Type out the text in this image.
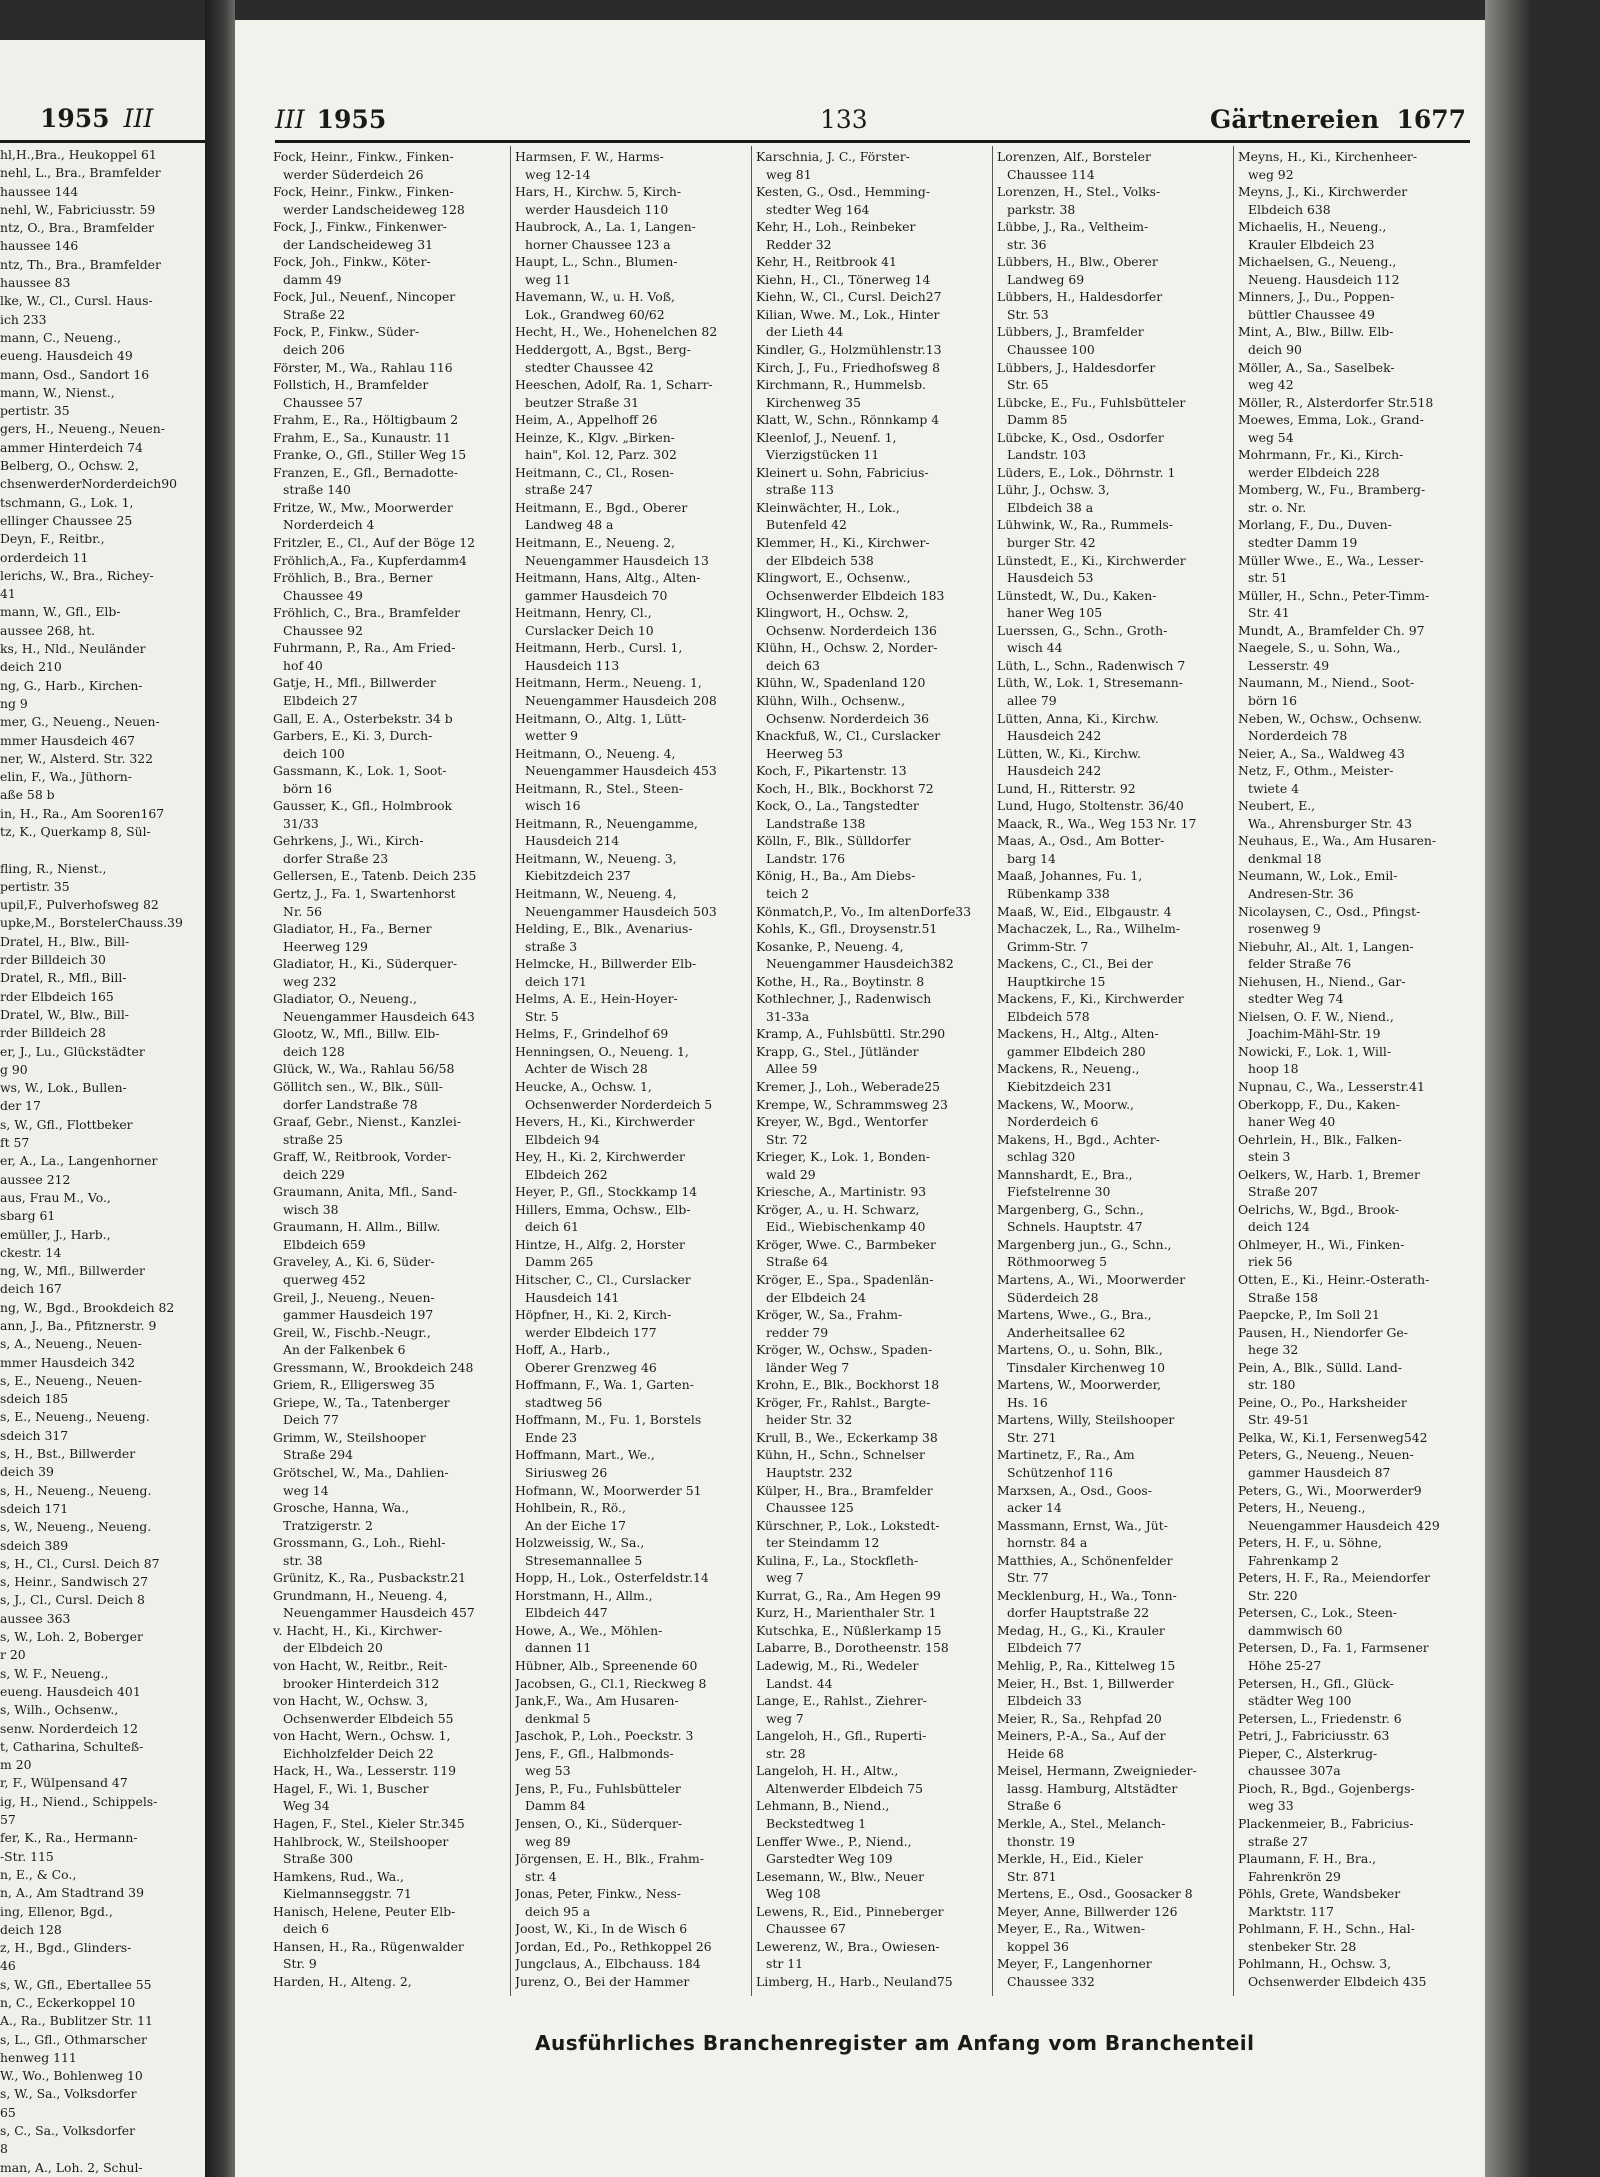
1955 III
hl,H.,Bra., Heukoppel 61
nehl, L., Bra., Bramfelder
haussee 144
nehl, W., Fabriciusstr. 59
ntz, O., Bra., Bramfelder
haussee 146
ntz, Th., Bra., Bramfelder
haussee 83
lke, W., Cl., Cursl. Haus-
ich 233
mann, C., Neueng.,
eueng. Hausdeich 49
mann, Osd., Sandort 16
mann, W., Nienst.,
pertistr. 35
gers, H., Neueng., Neuen-
ammer Hinterdeich 74
Belberg, O., Ochsw. 2,
chsenwerderNorderdeich90
tschmann, G., Lok. 1,
ellinger Chaussee 25
Deyn, F., Reitbr.,
orderdeich 11
lerichs, W., Bra., Richey-
41
mann, W., Gfl., Elb-
aussee 268, ht.
ks, H., Nld., Neuländer
deich 210
ng, G., Harb., Kirchen-
ng 9
mer, G., Neueng., Neuen-
mmer Hausdeich 467
ner, W., Alsterd. Str. 322
elin, F., Wa., Jüthorn-
aße 58 b
in, H., Ra., Am Sooren167
tz, K., Querkamp 8, Sül-

fling, R., Nienst.,
pertistr. 35
upil,F., Pulverhofsweg 82
upke,M., BorstelerChauss.39
Dratel, H., Blw., Bill-
rder Billdeich 30
Dratel, R., Mfl., Bill-
rder Elbdeich 165
Dratel, W., Blw., Bill-
rder Billdeich 28
er, J., Lu., Glückstädter
g 90
ws, W., Lok., Bullen-
der 17
s, W., Gfl., Flottbeker
ft 57
er, A., La., Langenhorner
aussee 212
aus, Frau M., Vo.,
sbarg 61
emüller, J., Harb.,
ckestr. 14
ng, W., Mfl., Billwerder
deich 167
ng, W., Bgd., Brookdeich 82
ann, J., Ba., Pfitznerstr. 9
s, A., Neueng., Neuen-
mmer Hausdeich 342
s, E., Neueng., Neuen-
sdeich 185
s, E., Neueng., Neueng.
sdeich 317
s, H., Bst., Billwerder
deich 39
s, H., Neueng., Neueng.
sdeich 171
s, W., Neueng., Neueng.
sdeich 389
s, H., Cl., Cursl. Deich 87
s, Heinr., Sandwisch 27
s, J., Cl., Cursl. Deich 8
aussee 363
s, W., Loh. 2, Boberger
r 20
s, W. F., Neueng.,
eueng. Hausdeich 401
s, Wilh., Ochsenw.,
senw. Norderdeich 12
t, Catharina, Schulteß-
m 20
r, F., Wülpensand 47
ig, H., Niend., Schippels-
57
fer, K., Ra., Hermann-
-Str. 115
n, E., & Co.,
n, A., Am Stadtrand 39
ing, Ellenor, Bgd.,
deich 128
z, H., Bgd., Glinders-
46
s, W., Gfl., Ebertallee 55
n, C., Eckerkoppel 10
A., Ra., Bublitzer Str. 11
s, L., Gfl., Othmarscher
henweg 111
W., Wo., Bohlenweg 10
s, W., Sa., Volksdorfer
65
s, C., Sa., Volksdorfer
8
man, A., Loh. 2, Schul-
III 1955	133	Gärtnereien 1677
Fock, Heinr., Finkw., Finken-
werder Süderdeich 26
Fock, Heinr., Finkw., Finken-
werder Landscheideweg 128
Fock, J., Finkw., Finkenwer-
der Landscheideweg 31
Fock, Joh., Finkw., Köter-
damm 49
Fock, Jul., Neuenf., Nincoper
Straße 22
Fock, P., Finkw., Süder-
deich 206
Förster, M., Wa., Rahlau 116
Follstich, H., Bramfelder
Chaussee 57
Frahm, E., Ra., Höltigbaum 2
Frahm, E., Sa., Kunaustr. 11
Franke, O., Gfl., Stiller Weg 15
Franzen, E., Gfl., Bernadotte-
straße 140
Fritze, W., Mw., Moorwerder
Norderdeich 4
Fritzler, E., Cl., Auf der Böge 12
Fröhlich,A., Fa., Kupferdamm4
Fröhlich, B., Bra., Berner
Chaussee 49
Fröhlich, C., Bra., Bramfelder
Chaussee 92
Fuhrmann, P., Ra., Am Fried-
hof 40
Gatje, H., Mfl., Billwerder
Elbdeich 27
Gall, E. A., Osterbekstr. 34 b
Garbers, E., Ki. 3, Durch-
deich 100
Gassmann, K., Lok. 1, Soot-
börn 16
Gausser, K., Gfl., Holmbrook
31/33
Gehrkens, J., Wi., Kirch-
dorfer Straße 23
Gellersen, E., Tatenb. Deich 235
Gertz, J., Fa. 1, Swartenhorst
Nr. 56
Gladiator, H., Fa., Berner
Heerweg 129
Gladiator, H., Ki., Süderquer-
weg 232
Gladiator, O., Neueng.,
Neuengammer Hausdeich 643
Glootz, W., Mfl., Billw. Elb-
deich 128
Glück, W., Wa., Rahlau 56/58
Göllitch sen., W., Blk., Süll-
dorfer Landstraße 78
Graaf, Gebr., Nienst., Kanzlei-
straße 25
Graff, W., Reitbrook, Vorder-
deich 229
Graumann, Anita, Mfl., Sand-
wisch 38
Graumann, H. Allm., Billw.
Elbdeich 659
Graveley, A., Ki. 6, Süder-
querweg 452
Greil, J., Neueng., Neuen-
gammer Hausdeich 197
Greil, W., Fischb.-Neugr.,
An der Falkenbek 6
Gressmann, W., Brookdeich 248
Griem, R., Elligersweg 35
Griepe, W., Ta., Tatenberger
Deich 77
Grimm, W., Steilshooper
Straße 294
Grötschel, W., Ma., Dahlien-
weg 14
Grosche, Hanna, Wa.,
Tratzigerstr. 2
Grossmann, G., Loh., Riehl-
str. 38
Grünitz, K., Ra., Pusbackstr.21
Grundmann, H., Neueng. 4,
Neuengammer Hausdeich 457
v. Hacht, H., Ki., Kirchwer-
der Elbdeich 20
von Hacht, W., Reitbr., Reit-
brooker Hinterdeich 312
von Hacht, W., Ochsw. 3,
Ochsenwerder Elbdeich 55
von Hacht, Wern., Ochsw. 1,
Eichholzfelder Deich 22
Hack, H., Wa., Lesserstr. 119
Hagel, F., Wi. 1, Buscher
Weg 34
Hagen, F., Stel., Kieler Str.345
Hahlbrock, W., Steilshooper
Straße 300
Hamkens, Rud., Wa.,
Kielmannseggstr. 71
Hanisch, Helene, Peuter Elb-
deich 6
Hansen, H., Ra., Rügenwalder
Str. 9
Harden, H., Alteng. 2,
Harmsen, F. W., Harms-
weg 12-14
Hars, H., Kirchw. 5, Kirch-
werder Hausdeich 110
Haubrock, A., La. 1, Langen-
horner Chaussee 123 a
Haupt, L., Schn., Blumen-
weg 11
Havemann, W., u. H. Voß,
Lok., Grandweg 60/62
Hecht, H., We., Hohenelchen 82
Heddergott, A., Bgst., Berg-
stedter Chaussee 42
Heeschen, Adolf, Ra. 1, Scharr-
beutzer Straße 31
Heim, A., Appelhoff 26
Heinze, K., Klgv. „Birken-
hain", Kol. 12, Parz. 302
Heitmann, C., Cl., Rosen-
straße 247
Heitmann, E., Bgd., Oberer
Landweg 48 a
Heitmann, E., Neueng. 2,
Neuengammer Hausdeich 13
Heitmann, Hans, Altg., Alten-
gammer Hausdeich 70
Heitmann, Henry, Cl.,
Curslacker Deich 10
Heitmann, Herb., Cursl. 1,
Hausdeich 113
Heitmann, Herm., Neueng. 1,
Neuengammer Hausdeich 208
Heitmann, O., Altg. 1, Lütt-
wetter 9
Heitmann, O., Neueng. 4,
Neuengammer Hausdeich 453
Heitmann, R., Stel., Steen-
wisch 16
Heitmann, R., Neuengamme,
Hausdeich 214
Heitmann, W., Neueng. 3,
Kiebitzdeich 237
Heitmann, W., Neueng. 4,
Neuengammer Hausdeich 503
Helding, E., Blk., Avenarius-
straße 3
Helmcke, H., Billwerder Elb-
deich 171
Helms, A. E., Hein-Hoyer-
Str. 5
Helms, F., Grindelhof 69
Henningsen, O., Neueng. 1,
Achter de Wisch 28
Heucke, A., Ochsw. 1,
Ochsenwerder Norderdeich 5
Hevers, H., Ki., Kirchwerder
Elbdeich 94
Hey, H., Ki. 2, Kirchwerder
Elbdeich 262
Heyer, P., Gfl., Stockkamp 14
Hillers, Emma, Ochsw., Elb-
deich 61
Hintze, H., Alfg. 2, Horster
Damm 265
Hitscher, C., Cl., Curslacker
Hausdeich 141
Höpfner, H., Ki. 2, Kirch-
werder Elbdeich 177
Hoff, A., Harb.,
Oberer Grenzweg 46
Hoffmann, F., Wa. 1, Garten-
stadtweg 56
Hoffmann, M., Fu. 1, Borstels
Ende 23
Hoffmann, Mart., We.,
Siriusweg 26
Hofmann, W., Moorwerder 51
Hohlbein, R., Rö.,
An der Eiche 17
Holzweissig, W., Sa.,
Stresemannallee 5
Hopp, H., Lok., Osterfeldstr.14
Horstmann, H., Allm.,
Elbdeich 447
Howe, A., We., Möhlen-
dannen 11
Hübner, Alb., Spreenende 60
Jacobsen, G., Cl.1, Rieckweg 8
Jank,F., Wa., Am Husaren-
denkmal 5
Jaschok, P., Loh., Poeckstr. 3
Jens, F., Gfl., Halbmonds-
weg 53
Jens, P., Fu., Fuhlsbütteler
Damm 84
Jensen, O., Ki., Süderquer-
weg 89
Jörgensen, E. H., Blk., Frahm-
str. 4
Jonas, Peter, Finkw., Ness-
deich 95 a
Joost, W., Ki., In de Wisch 6
Jordan, Ed., Po., Rethkoppel 26
Jungclaus, A., Elbchauss. 184
Jurenz, O., Bei der Hammer
Karschnia, J. C., Förster-
weg 81
Kesten, G., Osd., Hemming-
stedter Weg 164
Kehr, H., Loh., Reinbeker
Redder 32
Kehr, H., Reitbrook 41
Kiehn, H., Cl., Tönerweg 14
Kiehn, W., Cl., Cursl. Deich27
Kilian, Wwe. M., Lok., Hinter
der Lieth 44
Kindler, G., Holzmühlenstr.13
Kirch, J., Fu., Friedhofsweg 8
Kirchmann, R., Hummelsb.
Kirchenweg 35
Klatt, W., Schn., Rönnkamp 4
Kleenlof, J., Neuenf. 1,
Vierzigstücken 11
Kleinert u. Sohn, Fabricius-
straße 113
Kleinwächter, H., Lok.,
Butenfeld 42
Klemmer, H., Ki., Kirchwer-
der Elbdeich 538
Klingwort, E., Ochsenw.,
Ochsenwerder Elbdeich 183
Klingwort, H., Ochsw. 2,
Ochsenw. Norderdeich 136
Klühn, H., Ochsw. 2, Norder-
deich 63
Klühn, W., Spadenland 120
Klühn, Wilh., Ochsenw.,
Ochsenw. Norderdeich 36
Knackfuß, W., Cl., Curslacker
Heerweg 53
Koch, F., Pikartenstr. 13
Koch, H., Blk., Bockhorst 72
Kock, O., La., Tangstedter
Landstraße 138
Kölln, F., Blk., Sülldorfer
Landstr. 176
König, H., Ba., Am Diebs-
teich 2
Könmatch,P., Vo., Im altenDorfe33
Kohls, K., Gfl., Droysenstr.51
Kosanke, P., Neueng. 4,
Neuengammer Hausdeich382
Kothe, H., Ra., Boytinstr. 8
Kothlechner, J., Radenwisch
31-33a
Kramp, A., Fuhlsbüttl. Str.290
Krapp, G., Stel., Jütländer
Allee 59
Kremer, J., Loh., Weberade25
Krempe, W., Schrammsweg 23
Kreyer, W., Bgd., Wentorfer
Str. 72
Krieger, K., Lok. 1, Bonden-
wald 29
Kriesche, A., Martinistr. 93
Kröger, A., u. H. Schwarz,
Eid., Wiebischenkamp 40
Kröger, Wwe. C., Barmbeker
Straße 64
Kröger, E., Spa., Spadenlän-
der Elbdeich 24
Kröger, W., Sa., Frahm-
redder 79
Kröger, W., Ochsw., Spaden-
länder Weg 7
Krohn, E., Blk., Bockhorst 18
Kröger, Fr., Rahlst., Bargte-
heider Str. 32
Krull, B., We., Eckerkamp 38
Kühn, H., Schn., Schnelser
Hauptstr. 232
Külper, H., Bra., Bramfelder
Chaussee 125
Kürschner, P., Lok., Lokstedt-
ter Steindamm 12
Kulina, F., La., Stockfleth-
weg 7
Kurrat, G., Ra., Am Hegen 99
Kurz, H., Marienthaler Str. 1
Kutschka, E., Nüßlerkamp 15
Labarre, B., Dorotheenstr. 158
Ladewig, M., Ri., Wedeler
Landst. 44
Lange, E., Rahlst., Ziehrer-
weg 7
Langeloh, H., Gfl., Ruperti-
str. 28
Langeloh, H. H., Altw.,
Altenwerder Elbdeich 75
Lehmann, B., Niend.,
Beckstedtweg 1
Lenffer Wwe., P., Niend.,
Garstedter Weg 109
Lesemann, W., Blw., Neuer
Weg 108
Lewens, R., Eid., Pinneberger
Chaussee 67
Lewerenz, W., Bra., Owiesen-
str 11
Limberg, H., Harb., Neuland75
Lorenzen, Alf., Borsteler
Chaussee 114
Lorenzen, H., Stel., Volks-
parkstr. 38
Lübbe, J., Ra., Veltheim-
str. 36
Lübbers, H., Blw., Oberer
Landweg 69
Lübbers, H., Haldesdorfer
Str. 53
Lübbers, J., Bramfelder
Chaussee 100
Lübbers, J., Haldesdorfer
Str. 65
Lübcke, E., Fu., Fuhlsbütteler
Damm 85
Lübcke, K., Osd., Osdorfer
Landstr. 103
Lüders, E., Lok., Döhrnstr. 1
Lühr, J., Ochsw. 3,
Elbdeich 38 a
Lühwink, W., Ra., Rummels-
burger Str. 42
Lünstedt, E., Ki., Kirchwerder
Hausdeich 53
Lünstedt, W., Du., Kaken-
haner Weg 105
Luerssen, G., Schn., Groth-
wisch 44
Lüth, L., Schn., Radenwisch 7
Lüth, W., Lok. 1, Stresemann-
allee 79
Lütten, Anna, Ki., Kirchw.
Hausdeich 242
Lütten, W., Ki., Kirchw.
Hausdeich 242
Lund, H., Ritterstr. 92
Lund, Hugo, Stoltenstr. 36/40
Maack, R., Wa., Weg 153 Nr. 17
Maas, A., Osd., Am Botter-
barg 14
Maaß, Johannes, Fu. 1,
Rübenkamp 338
Maaß, W., Eid., Elbgaustr. 4
Machaczek, L., Ra., Wilhelm-
Grimm-Str. 7
Mackens, C., Cl., Bei der
Hauptkirche 15
Mackens, F., Ki., Kirchwerder
Elbdeich 578
Mackens, H., Altg., Alten-
gammer Elbdeich 280
Mackens, R., Neueng.,
Kiebitzdeich 231
Mackens, W., Moorw.,
Norderdeich 6
Makens, H., Bgd., Achter-
schlag 320
Mannshardt, E., Bra.,
Fiefstelrenne 30
Margenberg, G., Schn.,
Schnels. Hauptstr. 47
Margenberg jun., G., Schn.,
Röthmoorweg 5
Martens, A., Wi., Moorwerder
Süderdeich 28
Martens, Wwe., G., Bra.,
Anderheitsallee 62
Martens, O., u. Sohn, Blk.,
Tinsdaler Kirchenweg 10
Martens, W., Moorwerder,
Hs. 16
Martens, Willy, Steilshooper
Str. 271
Martinetz, F., Ra., Am
Schützenhof 116
Marxsen, A., Osd., Goos-
acker 14
Massmann, Ernst, Wa., Jüt-
hornstr. 84 a
Matthies, A., Schönenfelder
Str. 77
Mecklenburg, H., Wa., Tonn-
dorfer Hauptstraße 22
Medag, H., G., Ki., Krauler
Elbdeich 77
Mehlig, P., Ra., Kittelweg 15
Meier, H., Bst. 1, Billwerder
Elbdeich 33
Meier, R., Sa., Rehpfad 20
Meiners, P.-A., Sa., Auf der
Heide 68
Meisel, Hermann, Zweignieder-
lassg. Hamburg, Altstädter
Straße 6
Merkle, A., Stel., Melanch-
thonstr. 19
Merkle, H., Eid., Kieler
Str. 871
Mertens, E., Osd., Goosacker 8
Meyer, Anne, Billwerder 126
Meyer, E., Ra., Witwen-
koppel 36
Meyer, F., Langenhorner
Chaussee 332
Meyns, H., Ki., Kirchenheer-
weg 92
Meyns, J., Ki., Kirchwerder
Elbdeich 638
Michaelis, H., Neueng.,
Krauler Elbdeich 23
Michaelsen, G., Neueng.,
Neueng. Hausdeich 112
Minners, J., Du., Poppen-
büttler Chaussee 49
Mint, A., Blw., Billw. Elb-
deich 90
Möller, A., Sa., Saselbek-
weg 42
Möller, R., Alsterdorfer Str.518
Moewes, Emma, Lok., Grand-
weg 54
Mohrmann, Fr., Ki., Kirch-
werder Elbdeich 228
Momberg, W., Fu., Bramberg-
str. o. Nr.
Morlang, F., Du., Duven-
stedter Damm 19
Müller Wwe., E., Wa., Lesser-
str. 51
Müller, H., Schn., Peter-Timm-
Str. 41
Mundt, A., Bramfelder Ch. 97
Naegele, S., u. Sohn, Wa.,
Lesserstr. 49
Naumann, M., Niend., Soot-
börn 16
Neben, W., Ochsw., Ochsenw.
Norderdeich 78
Neier, A., Sa., Waldweg 43
Netz, F., Othm., Meister-
twiete 4
Neubert, E.,
Wa., Ahrensburger Str. 43
Neuhaus, E., Wa., Am Husaren-
denkmal 18
Neumann, W., Lok., Emil-
Andresen-Str. 36
Nicolaysen, C., Osd., Pfingst-
rosenweg 9
Niebuhr, Al., Alt. 1, Langen-
felder Straße 76
Niehusen, H., Niend., Gar-
stedter Weg 74
Nielsen, O. F. W., Niend.,
Joachim-Mähl-Str. 19
Nowicki, F., Lok. 1, Will-
hoop 18
Nupnau, C., Wa., Lesserstr.41
Oberkopp, F., Du., Kaken-
haner Weg 40
Oehrlein, H., Blk., Falken-
stein 3
Oelkers, W., Harb. 1, Bremer
Straße 207
Oelrichs, W., Bgd., Brook-
deich 124
Ohlmeyer, H., Wi., Finken-
riek 56
Otten, E., Ki., Heinr.-Osterath-
Straße 158
Paepcke, P., Im Soll 21
Pausen, H., Niendorfer Ge-
hege 32
Pein, A., Blk., Sülld. Land-
str. 180
Peine, O., Po., Harksheider
Str. 49-51
Pelka, W., Ki.1, Fersenweg542
Peters, G., Neueng., Neuen-
gammer Hausdeich 87
Peters, G., Wi., Moorwerder9
Peters, H., Neueng.,
Neuengammer Hausdeich 429
Peters, H. F., u. Söhne,
Fahrenkamp 2
Peters, H. F., Ra., Meiendorfer
Str. 220
Petersen, C., Lok., Steen-
dammwisch 60
Petersen, D., Fa. 1, Farmsener
Höhe 25-27
Petersen, H., Gfl., Glück-
städter Weg 100
Petersen, L., Friedenstr. 6
Petri, J., Fabriciusstr. 63
Pieper, C., Alsterkrug-
chaussee 307a
Pioch, R., Bgd., Gojenbergs-
weg 33
Plackenmeier, B., Fabricius-
straße 27
Plaumann, F. H., Bra.,
Fahrenkrön 29
Pöhls, Grete, Wandsbeker
Marktstr. 117
Pohlmann, F. H., Schn., Hal-
stenbeker Str. 28
Pohlmann, H., Ochsw. 3,
Ochsenwerder Elbdeich 435
Ausführliches Branchenregister am Anfang vom Branchenteil
